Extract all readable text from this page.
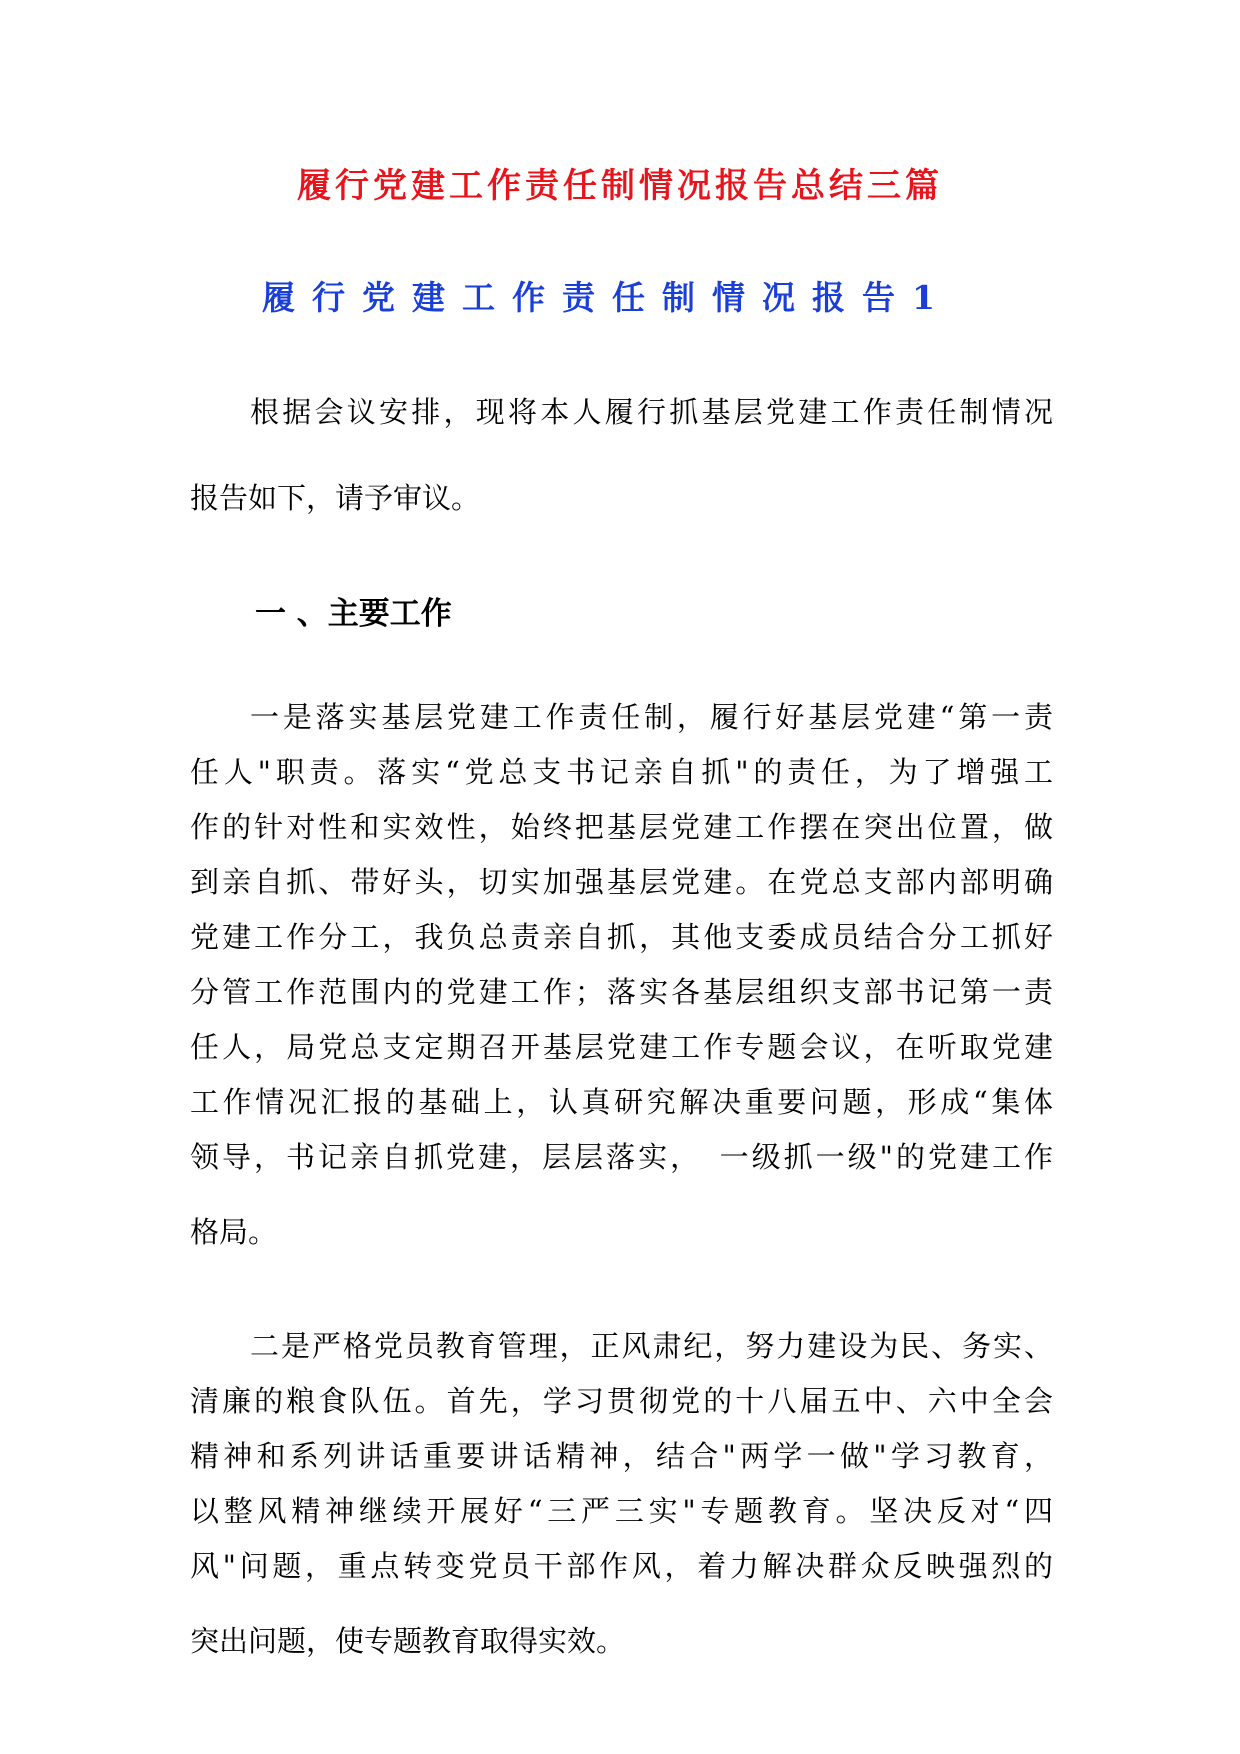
履行党建工作责任制情况报告总结三篇
履行党建工作责任制情况报告1
根据会议安排，现将本人履行抓基层党建工作责任制情况
报告如下，请予审议。
一 、主要工作
一是落实基层党建工作责任制，履行好基层党建“第一责
任人"职责。落实“党总支书记亲自抓"的责任，为了增强工
作的针对性和实效性，始终把基层党建工作摆在突出位置，做
到亲自抓、带好头，切实加强基层党建。在党总支部内部明确
党建工作分工，我负总责亲自抓，其他支委成员结合分工抓好
分管工作范围内的党建工作；落实各基层组织支部书记第一责
任人，局党总支定期召开基层党建工作专题会议，在听取党建
工作情况汇报的基础上，认真研究解决重要问题，形成“集体
领导，书记亲自抓党建，层层落实，　一级抓一级"的党建工作
格局。
二是严格党员教育管理，正风肃纪，努力建设为民、务实、
清廉的粮食队伍。首先，学习贯彻党的十八届五中、六中全会
精神和系列讲话重要讲话精神，结合"两学一做"学习教育，
以整风精神继续开展好“三严三实"专题教育。坚决反对“四
风"问题，重点转变党员干部作风，着力解决群众反映强烈的
突出问题，使专题教育取得实效。
